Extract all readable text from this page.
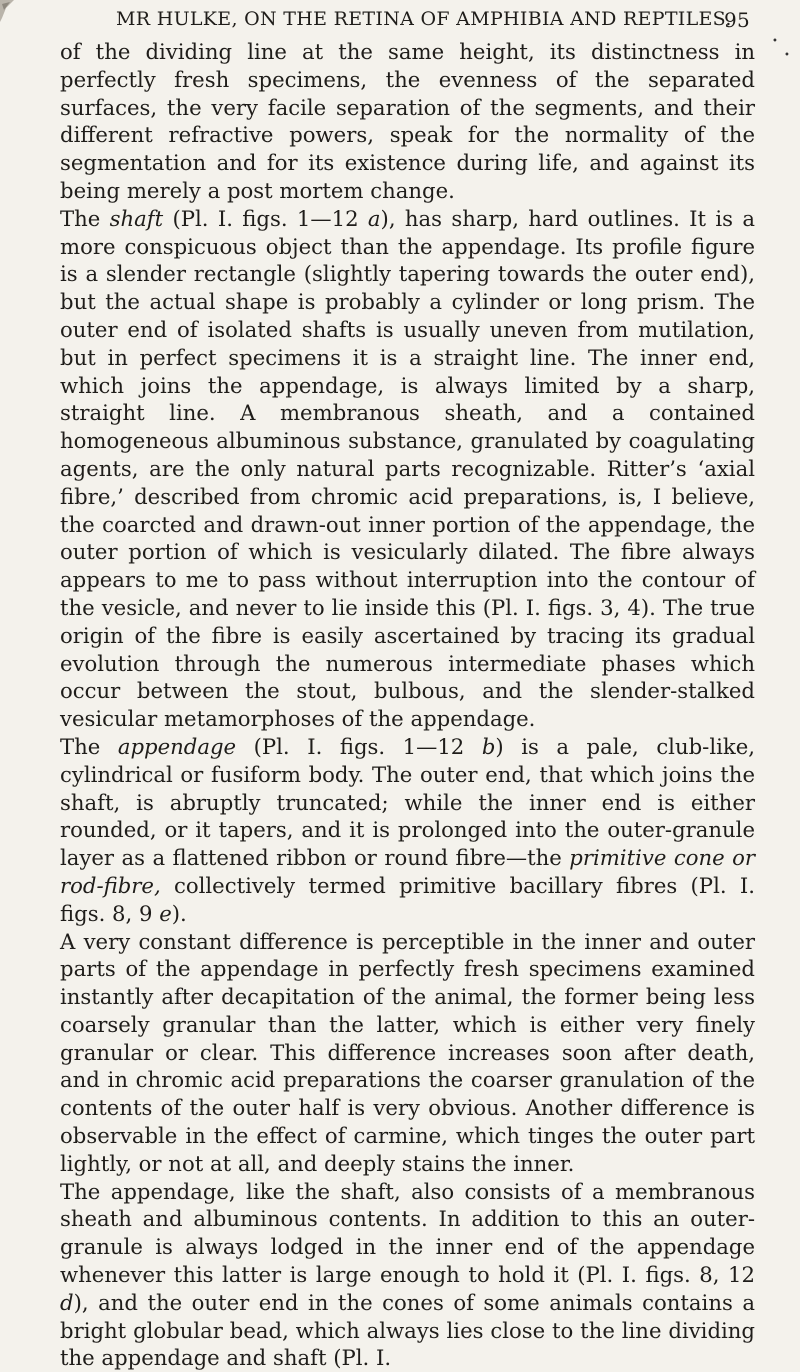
•
•
MR HULKE, ON THE RETINA OF AMPHIBIA AND REPTILES.
95

of the dividing line at the same height, its distinctness in perfectly fresh specimens, the evenness of the separated surfaces, the very facile separation of the segments, and their different refractive powers, speak for the normality of the segmentation and for its existence during life, and against its being merely a post mortem change.

The shaft (Pl. I. figs. 1—12 a), has sharp, hard outlines. It is a more conspicuous object than the appendage. Its profile figure is a slender rectangle (slightly tapering towards the outer end), but the actual shape is probably a cylinder or long prism. The outer end of isolated shafts is usually uneven from mutilation, but in perfect specimens it is a straight line. The inner end, which joins the appendage, is always limited by a sharp, straight line. A membranous sheath, and a contained homogeneous albuminous substance, granulated by coagulating agents, are the only natural parts recognizable. Ritter’s ‘axial fibre,’ described from chromic acid preparations, is, I believe, the coarcted and drawn-out inner portion of the appendage, the outer portion of which is vesicularly dilated. The fibre always appears to me to pass without interruption into the contour of the vesicle, and never to lie inside this (Pl. I. figs. 3, 4). The true origin of the fibre is easily ascertained by tracing its gradual evolution through the numerous intermediate phases which occur between the stout, bulbous, and the slender-stalked vesicular metamorphoses of the appendage.

The appendage (Pl. I. figs. 1—12 b) is a pale, club-like, cylindrical or fusiform body. The outer end, that which joins the shaft, is abruptly truncated; while the inner end is either rounded, or it tapers, and it is prolonged into the outer-granule layer as a flattened ribbon or round fibre—the primitive cone or rod-fibre, collectively termed primitive bacillary fibres (Pl. I. figs. 8, 9 e).

A very constant difference is perceptible in the inner and outer parts of the appendage in perfectly fresh specimens examined instantly after decapitation of the animal, the former being less coarsely granular than the latter, which is either very finely granular or clear. This difference increases soon after death, and in chromic acid preparations the coarser granulation of the contents of the outer half is very obvious. Another difference is observable in the effect of carmine, which tinges the outer part lightly, or not at all, and deeply stains the inner.

The appendage, like the shaft, also consists of a membranous sheath and albuminous contents. In addition to this an outer-granule is always lodged in the inner end of the appendage whenever this latter is large enough to hold it (Pl. I. figs. 8, 12 d), and the outer end in the cones of some animals contains a bright globular bead, which always lies close to the line dividing the appendage and shaft (Pl. I.
